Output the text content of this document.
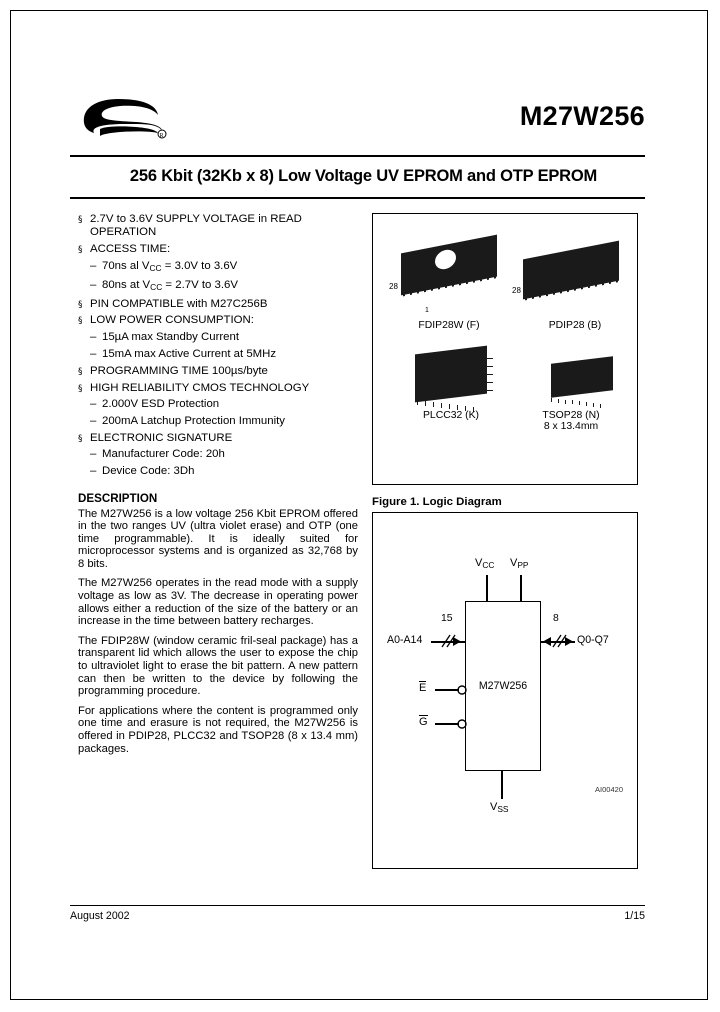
R
M27W256
256 Kbit (32Kb x 8) Low Voltage UV EPROM and OTP EPROM
§ 2.7V to 3.6V SUPPLY VOLTAGE in READ OPERATION
§ ACCESS TIME:
– 70ns al $V_{CC} = 3.0V$ to 3.6V
– 80ns at $V_{CC} = 2.7V$ to 3.6V
§ PIN COMPATIBLE with M27C256B
§ LOW POWER CONSUMPTION:
– 15µA max Standby Current
– 15mA max Active Current at 5MHz
§ PROGRAMMING TIME 100µs/byte
§ HIGH RELIABILITY CMOS TECHNOLOGY
– 2.000V ESD Protection
– 200mA Latchup Protection Immunity
§ ELECTRONIC SIGNATURE
– Manufacturer Code: 20h
– Device Code: 3Dh
DESCRIPTION

The M27W256 is a low voltage 256 Kbit EPROM offered in the two ranges UV (ultra violet erase) and OTP (one time programmable). It is ideally suited for microprocessor systems and is organized as 32,768 by 8 bits.

The M27W256 operates in the read mode with a supply voltage as low as 3V. The decrease in operating power allows either a reduction of the size of the battery or an increase in the time between battery recharges.

The FDIP28W (window ceramic fril-seal package) has a transparent lid which allows the user to expose the chip to ultraviolet light to erase the bit pattern. A new pattern can then be written to the device by following the programming procedure.

For applications where the content is programmed only one time and erasure is not required, the M27W256 is offered in PDIP28, PLCC32 and TSOP28 (8 x 13.4 mm) packages.

28
1
FDIP28W (F)
28
PDIP28 (B)
PLCC32 (K)	TSOP28 (N)
8 x 13.4mm
Figure 1. Logic Diagram
M27W256
$V_{CC}$ $V_{PP}$
$V_{SS}$
A0-A14
15
Q0-Q7
8
E
G
AI00420
August 2002	1/15
